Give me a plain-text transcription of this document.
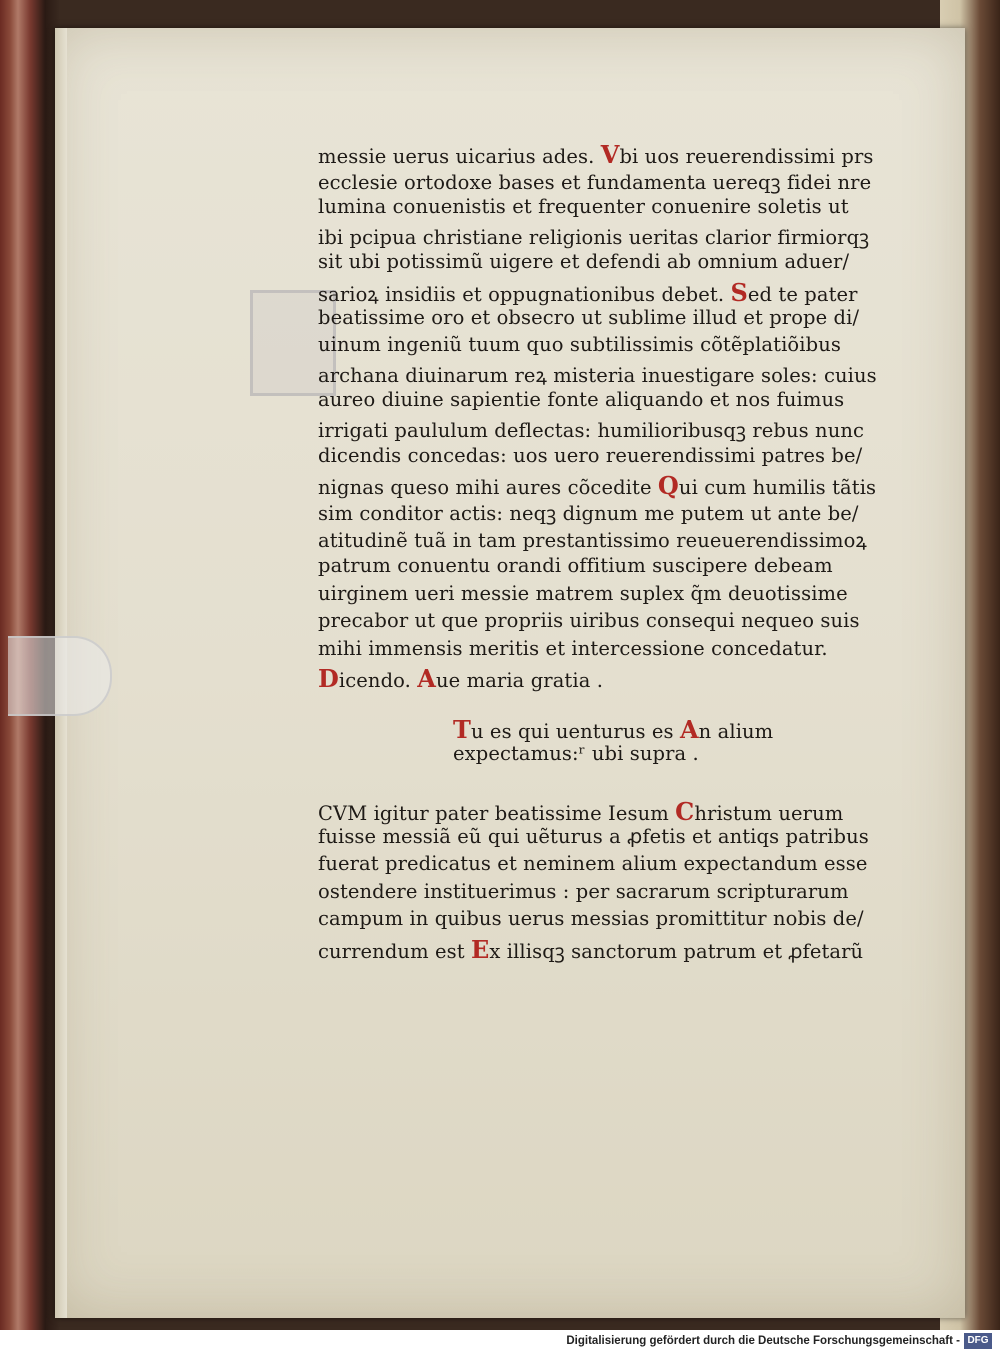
messie uerus uicarius ades. Vbi uos reuerendissimi prs
ecclesie ortodoxe bases et fundamenta uereqꝫ fidei nre
lumina conuenistis et frequenter conuenire soletis ut
ibi pcipua christiane religionis ueritas clarior firmiorqꝫ
sit ubi potissimũ uigere et defendi ab omnium aduer/
sarioꝝ insidiis et oppugnationibus debet. Sed te pater
beatissime oro et obsecro ut sublime illud et prope di/
uinum ingeniũ tuum quo subtilissimis cõtẽplatiõibus
archana diuinarum reꝝ misteria inuestigare soles: cuius
aureo diuine sapientie fonte aliquando et nos fuimus
irrigati paululum deflectas: humilioribusqꝫ rebus nunc
dicendis concedas: uos uero reuerendissimi patres be/
nignas queso mihi aures cõcedite Qui cum humilis tãtis
sim conditor actis: neqꝫ dignum me putem ut ante be/
atitudinẽ tuã in tam prestantissimo reueuerendissimoꝝ
patrum conuentu orandi offitium suscipere debeam
uirginem ueri messie matrem suplex q̃m deuotissime
precabor ut que propriis uiribus consequi nequeo suis
mihi immensis meritis et intercessione concedatur.
Dicendo. Aue maria gratia .
Tu es qui uenturus es An alium
expectamus:ʳ ubi supra .
CVM igitur pater beatissime Iesum Christum uerum
fuisse messiã eũ qui uẽturus a ꝓfetis et antiqs patribus
fuerat predicatus et neminem alium expectandum esse
ostendere instituerimus : per sacrarum scripturarum
campum in quibus uerus messias promittitur nobis de/
currendum est Ex illisqꝫ sanctorum patrum et ꝓfetarũ
Digitalisierung gefördert durch die Deutsche Forschungsgemeinschaft - DFG
